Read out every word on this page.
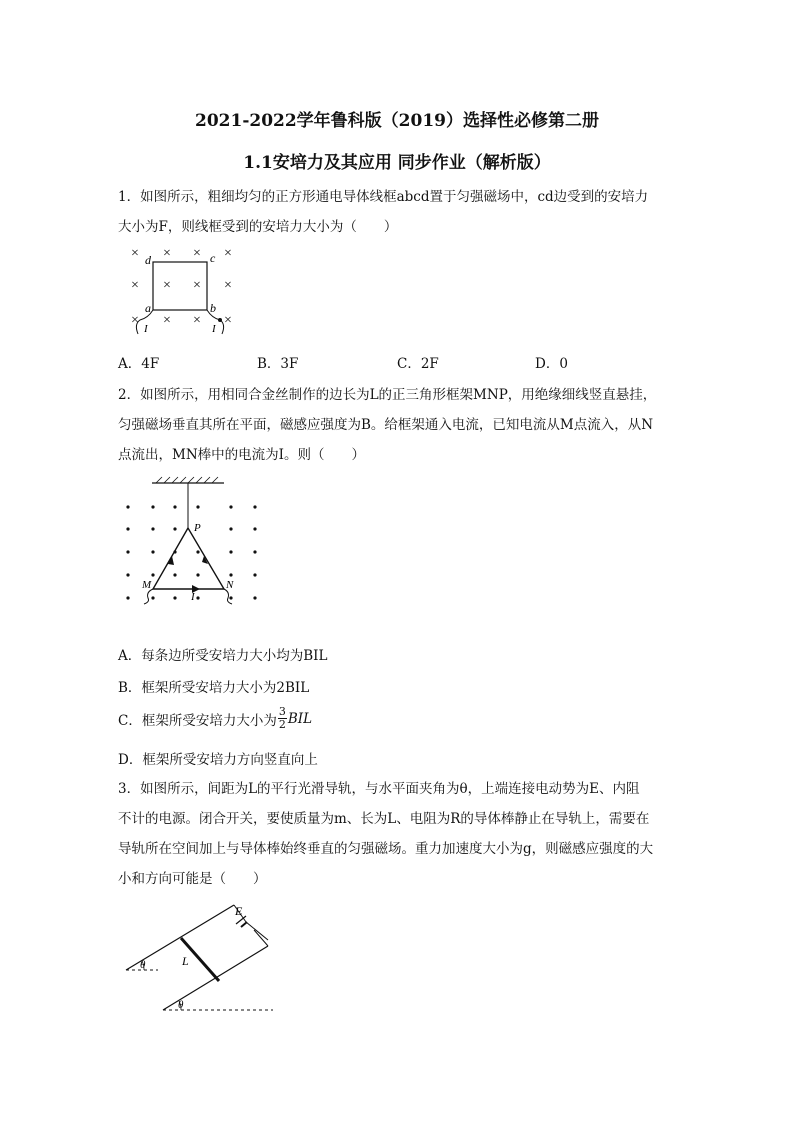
2021-2022学年鲁科版（2019）选择性必修第二册
1.1安培力及其应用 同步作业（解析版）
1．如图所示，粗细均匀的正方形通电导体线框abcd置于匀强磁场中，cd边受到的安培力
大小为F，则线框受到的安培力大小为（　　）
× × × ×
× × × ×
× × × ×
d	c
a	b
I	I
A．4F	B．3F	C．2F	D．0
2．如图所示，用相同合金丝制作的边长为L的正三角形框架MNP，用绝缘细线竖直悬挂，
匀强磁场垂直其所在平面，磁感应强度为B。给框架通入电流，已知电流从M点流入，从N
点流出，MN棒中的电流为I。则（　　）
P
M	N
I
A．每条边所受安培力大小均为BIL
B．框架所受安培力大小为2BIL
C．框架所受安培力大小为 $\frac{3}{2}$ BIL
D．框架所受安培力方向竖直向上
3．如图所示，间距为L的平行光滑导轨，与水平面夹角为θ，上端连接电动势为E、内阻
不计的电源。闭合开关，要使质量为m、长为L、电阻为R的导体棒静止在导轨上，需要在
导轨所在空间加上与导体棒始终垂直的匀强磁场。重力加速度大小为g，则磁感应强度的大
小和方向可能是（　　）
E
L
θ
θ
